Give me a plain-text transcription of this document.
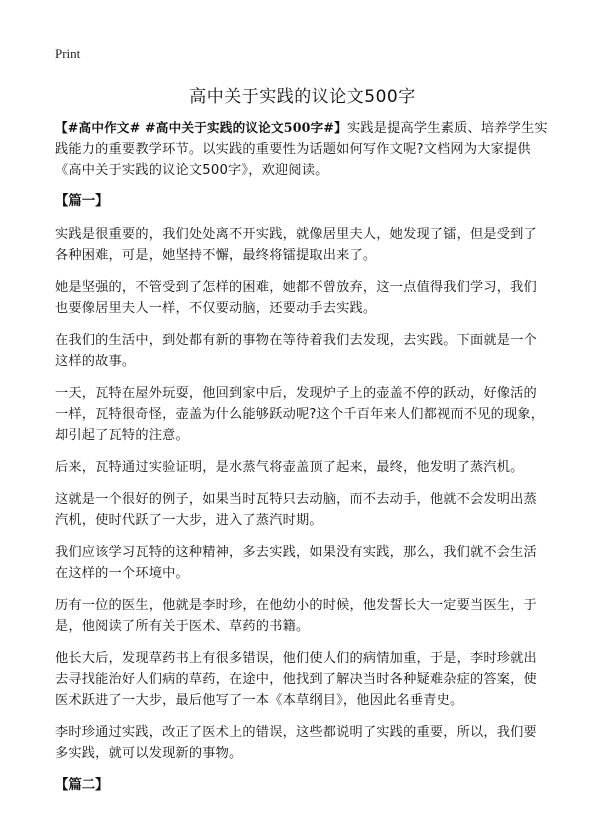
Print
高中关于实践的议论文500字

【#高中作文# #高中关于实践的议论文500字#】实践是提高学生素质、培养学生实践能力的重要教学环节。以实践的重要性为话题如何写作文呢?文档网为大家提供《高中关于实践的议论文500字》，欢迎阅读。

【篇一】

实践是很重要的，我们处处离不开实践，就像居里夫人，她发现了镭，但是受到了各种困难，可是，她坚持不懈，最终将镭提取出来了。

她是坚强的，不管受到了怎样的困难，她都不曾放弃，这一点值得我们学习，我们也要像居里夫人一样，不仅要动脑，还要动手去实践。

在我们的生活中，到处都有新的事物在等待着我们去发现，去实践。下面就是一个这样的故事。

一天，瓦特在屋外玩耍，他回到家中后，发现炉子上的壶盖不停的跃动，好像活的一样，瓦特很奇怪，壶盖为什么能够跃动呢?这个千百年来人们都视而不见的现象，却引起了瓦特的注意。

后来，瓦特通过实验证明，是水蒸气将壶盖顶了起来，最终，他发明了蒸汽机。

这就是一个很好的例子，如果当时瓦特只去动脑，而不去动手，他就不会发明出蒸汽机，使时代跃了一大步，进入了蒸汽时期。

我们应该学习瓦特的这种精神，多去实践，如果没有实践，那么，我们就不会生活在这样的一个环境中。

历有一位的医生，他就是李时珍，在他幼小的时候，他发誓长大一定要当医生，于是，他阅读了所有关于医术、草药的书籍。

他长大后，发现草药书上有很多错误，他们使人们的病情加重，于是，李时珍就出去寻找能治好人们病的草药，在途中，他找到了解决当时各种疑难杂症的答案，使医术跃进了一大步，最后他写了一本《本草纲目》，他因此名垂青史。

李时珍通过实践，改正了医术上的错误，这些都说明了实践的重要，所以，我们要多实践，就可以发现新的事物。

【篇二】
